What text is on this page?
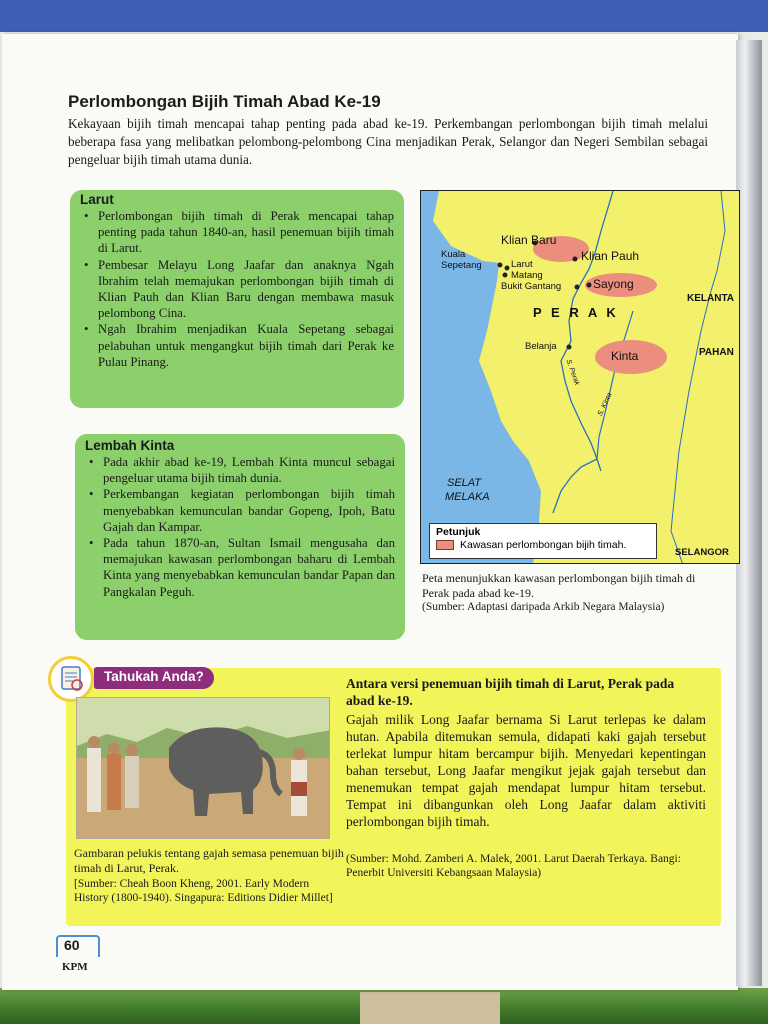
Perlombongan Bijih Timah Abad Ke-19

Kekayaan bijih timah mencapai tahap penting pada abad ke-19. Perkembangan perlombongan bijih timah melalui beberapa fasa yang melibatkan pelombong-pelombong Cina menjadikan Perak, Selangor dan Negeri Sembilan sebagai pengeluar bijih timah utama dunia.

Larut
• Perlombongan bijih timah di Perak mencapai tahap penting pada tahun 1840-an, hasil penemuan bijih timah di Larut.
• Pembesar Melayu Long Jaafar dan anaknya Ngah Ibrahim telah memajukan perlombongan bijih timah di Klian Pauh dan Klian Baru dengan membawa masuk pelombong Cina.
• Ngah Ibrahim menjadikan Kuala Sepetang sebagai pelabuhan untuk mengangkut bijih timah dari Perak ke Pulau Pinang.
Lembah Kinta
• Pada akhir abad ke-19, Lembah Kinta muncul sebagai pengeluar utama bijih timah dunia.
• Perkembangan kegiatan perlombongan bijih timah menyebabkan kemunculan bandar Gopeng, Ipoh, Batu Gajah dan Kampar.
• Pada tahun 1870-an, Sultan Ismail mengusaha dan memajukan kawasan perlombongan baharu di Lembah Kinta yang menyebabkan kemunculan bandar Papan dan Pangkalan Peguh.
Klian Baru
Klian Pauh
Kuala
Sepetang	Larut
Matang
Bukit Gantang	Sayong
P E R A K
Belanja
Kinta
KELANTA
PAHAN
SELAT
MELAKA
SELANGOR
S. Perak
S. Kinta
Petunjuk
Kawasan perlombongan bijih timah.

Peta menunjukkan kawasan perlombongan bijih timah di Perak pada abad ke-19.

(Sumber: Adaptasi daripada Arkib Negara Malaysia)

Tahukah Anda?

Gambaran pelukis tentang gajah semasa penemuan bijih timah di Larut, Perak.

[Sumber: Cheah Boon Kheng, 2001. Early Modern History (1800-1940). Singapura: Editions Didier Millet]

Antara versi penemuan bijih timah di Larut, Perak pada abad ke-19.

Gajah milik Long Jaafar bernama Si Larut terlepas ke dalam hutan. Apabila ditemukan semula, didapati kaki gajah tersebut terlekat lumpur hitam bercampur bijih. Menyedari kepentingan bahan tersebut, Long Jaafar mengikut jejak gajah tersebut dan menemukan tempat gajah mendapat lumpur hitam tersebut. Tempat ini dibangunkan oleh Long Jaafar dalam aktiviti perlombongan bijih timah.

(Sumber: Mohd. Zamberi A. Malek, 2001. Larut Daerah Terkaya. Bangi: Penerbit Universiti Kebangsaan Malaysia)

60
KPM
